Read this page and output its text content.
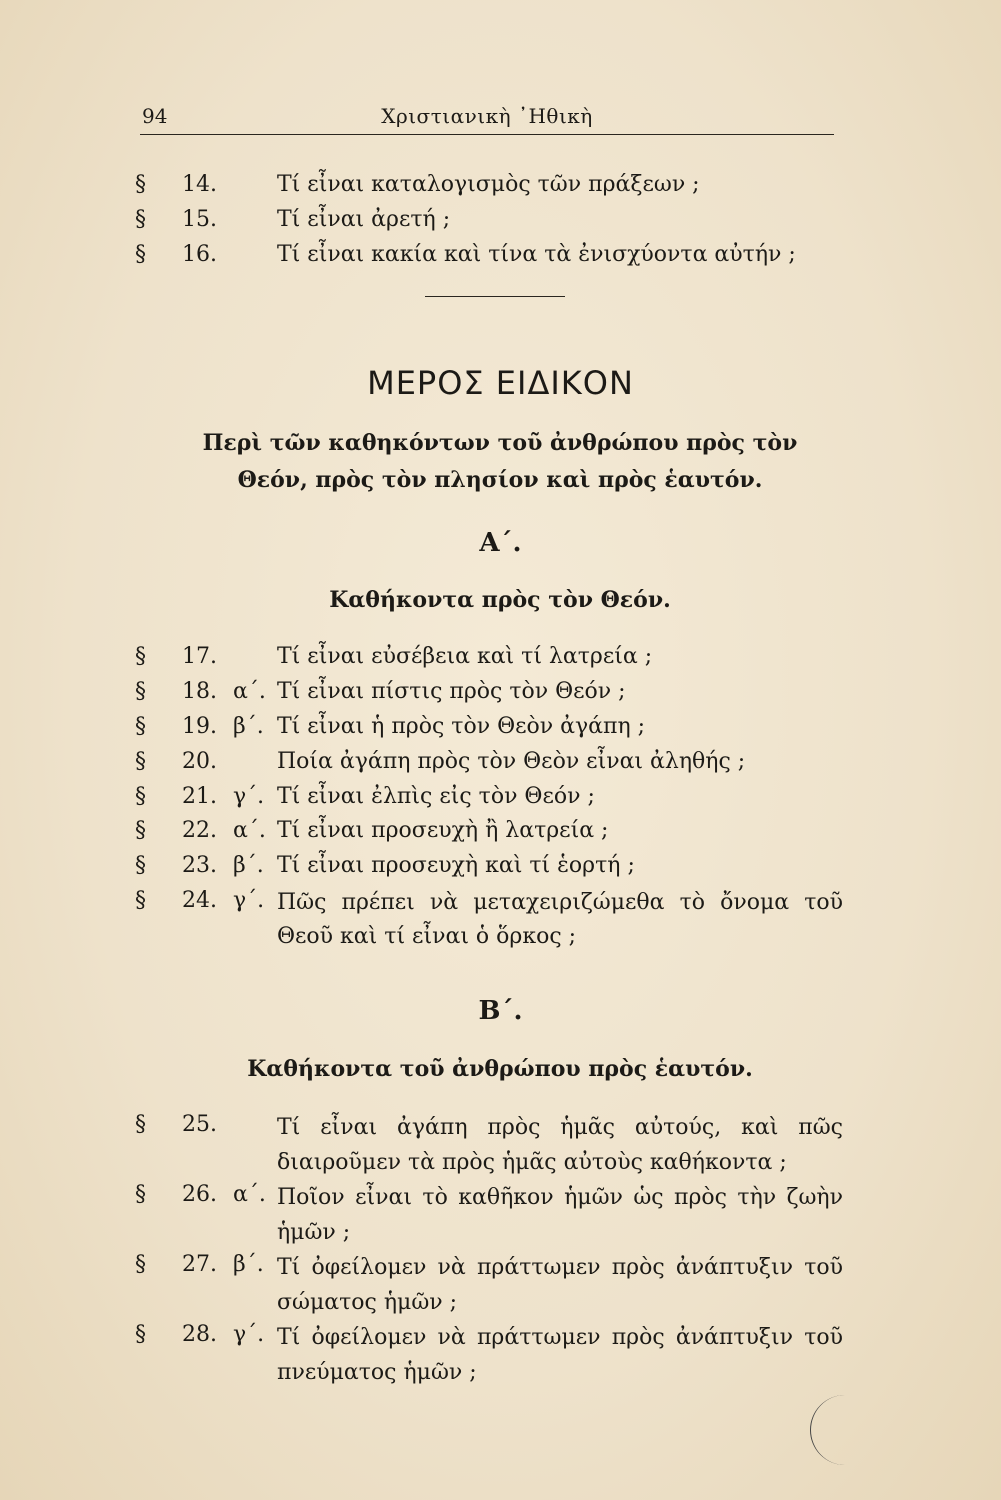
94	Χριστιανικὴ ᾿Ηθικὴ
§ 14.	Τί εἶναι καταλογισμὸς τῶν πράξεων ;
§ 15.	Τί εἶναι ἀρετή ;
§ 16.	Τί εἶναι κακία καὶ τίνα τὰ ἐνισχύοντα αὐτήν ;
ΜΕΡΟΣ ΕΙΔΙΚΟΝ
Περὶ τῶν καθηκόντων τοῦ ἀνθρώπου πρὸς τὸν
Θεόν, πρὸς τὸν πλησίον καὶ πρὸς ἑαυτόν.
Α΄.
Καθήκοντα πρὸς τὸν Θεόν.
§ 17.	Τί εἶναι εὐσέβεια καὶ τί λατρεία ;
§ 18. α΄. Τί εἶναι πίστις πρὸς τὸν Θεόν ;
§ 19. β΄. Τί εἶναι ἡ πρὸς τὸν Θεὸν ἀγάπη ;
§ 20.	Ποία ἀγάπη πρὸς τὸν Θεὸν εἶναι ἀληθής ;
§ 21. γ΄. Τί εἶναι ἐλπὶς εἰς τὸν Θεόν ;
§ 22. α΄. Τί εἶναι προσευχὴ ἢ λατρεία ;
§ 23. β΄. Τί εἶναι προσευχὴ καὶ τί ἑορτή ;
§ 24. γ΄. Πῶς πρέπει νὰ μεταχειριζώμεθα τὸ ὄνομα τοῦ Θεοῦ καὶ τί εἶναι ὁ ὅρκος ;
Β΄.
Καθήκοντα τοῦ ἀνθρώπου πρὸς ἑαυτόν.
§ 25.	Τί εἶναι ἀγάπη πρὸς ἡμᾶς αὐτούς, καὶ πῶς διαιροῦμεν τὰ πρὸς ἡμᾶς αὐτοὺς καθήκοντα ;
§ 26. α΄. Ποῖον εἶναι τὸ καθῆκον ἡμῶν ὡς πρὸς τὴν ζωὴν ἡμῶν ;
§ 27. β΄. Τί ὀφείλομεν νὰ πράττωμεν πρὸς ἀνάπτυξιν τοῦ σώματος ἡμῶν ;
§ 28. γ΄. Τί ὀφείλομεν νὰ πράττωμεν πρὸς ἀνάπτυξιν τοῦ πνεύματος ἡμῶν ;
